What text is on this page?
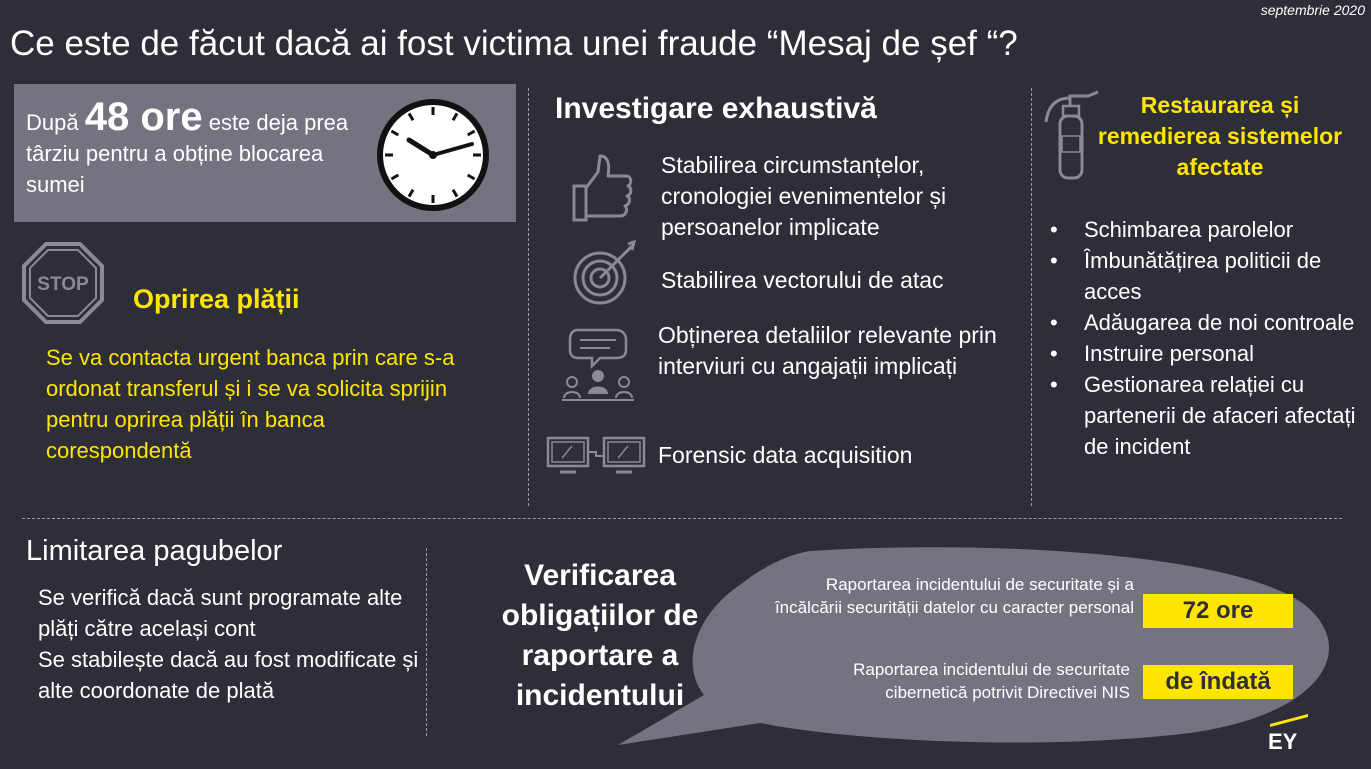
septembrie 2020
Ce este de făcut dacă ai fost victima unei fraude “Mesaj de șef “?
După 48 ore este deja prea târziu pentru a obține blocarea sumei
STOP Oprirea plății
Se va contacta urgent banca prin care s-a ordonat transferul și i se va solicita sprijin pentru oprirea plății în banca corespondentă
Investigare exhaustivă
Stabilirea circumstanțelor, cronologiei evenimentelor și persoanelor implicate
Stabilirea vectorului de atac
Obținerea detaliilor relevante prin interviuri cu angajații implicați
Forensic data acquisition
Restaurarea și remedierea sistemelor afectate
• Schimbarea parolelor
• Îmbunătățirea politicii de acces
• Adăugarea de noi controale
• Instruire personal
• Gestionarea relației cu partenerii de afaceri afectați de incident
Limitarea pagubelor
Se verifică dacă sunt programate alte plăți către același cont
Se stabilește dacă au fost modificate și alte coordonate de plată
Verificarea obligațiilor de raportare a incidentului
Raportarea incidentului de securitate și a încălcării securității datelor cu caracter personal	72 ore
Raportarea incidentului de securitate cibernetică potrivit Directivei NIS	de îndată
EY
